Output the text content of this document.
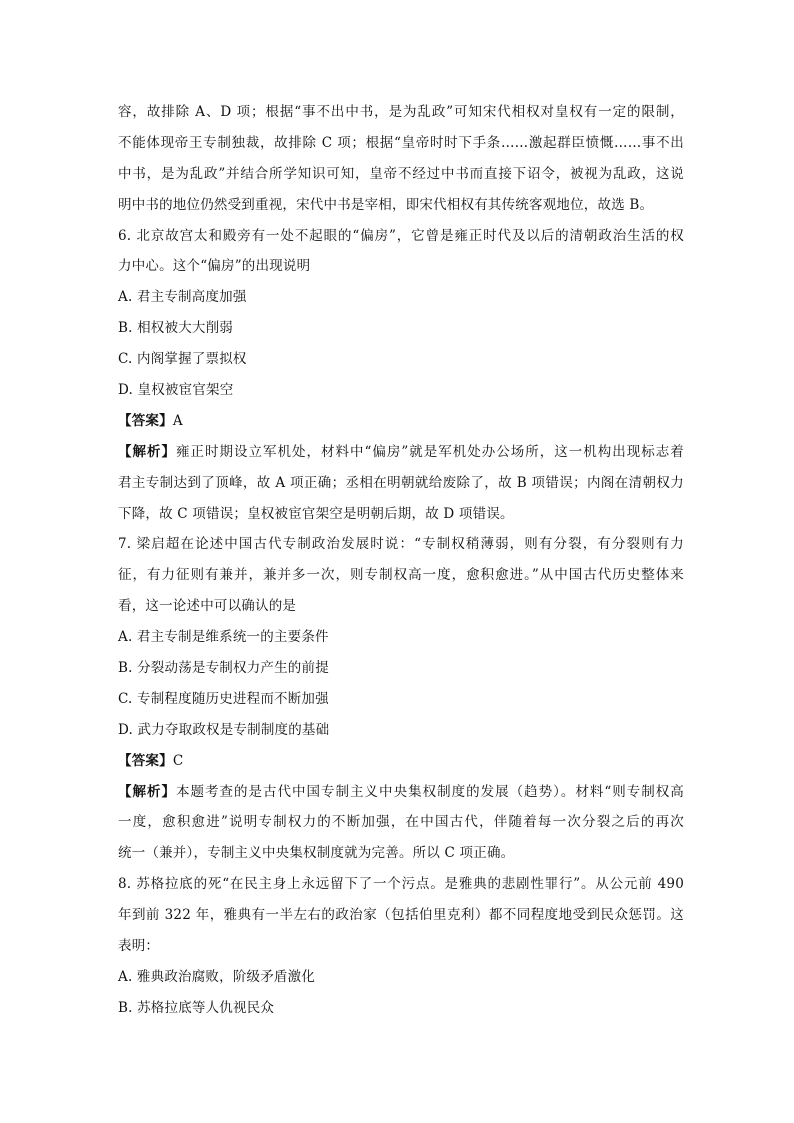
容，故排除 A、D 项；根据“事不出中书，是为乱政”可知宋代相权对皇权有一定的限制，
不能体现帝王专制独裁，故排除 C 项；根据“皇帝时时下手条……激起群臣愤慨……事不出
中书，是为乱政”并结合所学知识可知，皇帝不经过中书而直接下诏令，被视为乱政，这说
明中书的地位仍然受到重视，宋代中书是宰相，即宋代相权有其传统客观地位，故选 B。
6. 北京故宫太和殿旁有一处不起眼的“偏房”，它曾是雍正时代及以后的清朝政治生活的权
力中心。这个“偏房”的出现说明
A. 君主专制高度加强
B. 相权被大大削弱
C. 内阁掌握了票拟权
D. 皇权被宦官架空
【答案】A
【解析】雍正时期设立军机处，材料中“偏房”就是军机处办公场所，这一机构出现标志着
君主专制达到了顶峰，故 A 项正确；丞相在明朝就给废除了，故 B 项错误；内阁在清朝权力
下降，故 C 项错误；皇权被宦官架空是明朝后期，故 D 项错误。
7. 梁启超在论述中国古代专制政治发展时说：“专制权稍薄弱，则有分裂，有分裂则有力
征，有力征则有兼并，兼并多一次，则专制权高一度，愈积愈进。”从中国古代历史整体来
看，这一论述中可以确认的是
A. 君主专制是维系统一的主要条件
B. 分裂动荡是专制权力产生的前提
C. 专制程度随历史进程而不断加强
D. 武力夺取政权是专制制度的基础
【答案】C
【解析】本题考查的是古代中国专制主义中央集权制度的发展（趋势）。材料“则专制权高
一度，愈积愈进”说明专制权力的不断加强，在中国古代，伴随着每一次分裂之后的再次
统一（兼并），专制主义中央集权制度就为完善。所以 C 项正确。
8. 苏格拉底的死“在民主身上永远留下了一个污点。是雅典的悲剧性罪行”。从公元前 490
年到前 322 年，雅典有一半左右的政治家（包括伯里克利）都不同程度地受到民众惩罚。这
表明：
A. 雅典政治腐败，阶级矛盾激化
B. 苏格拉底等人仇视民众
